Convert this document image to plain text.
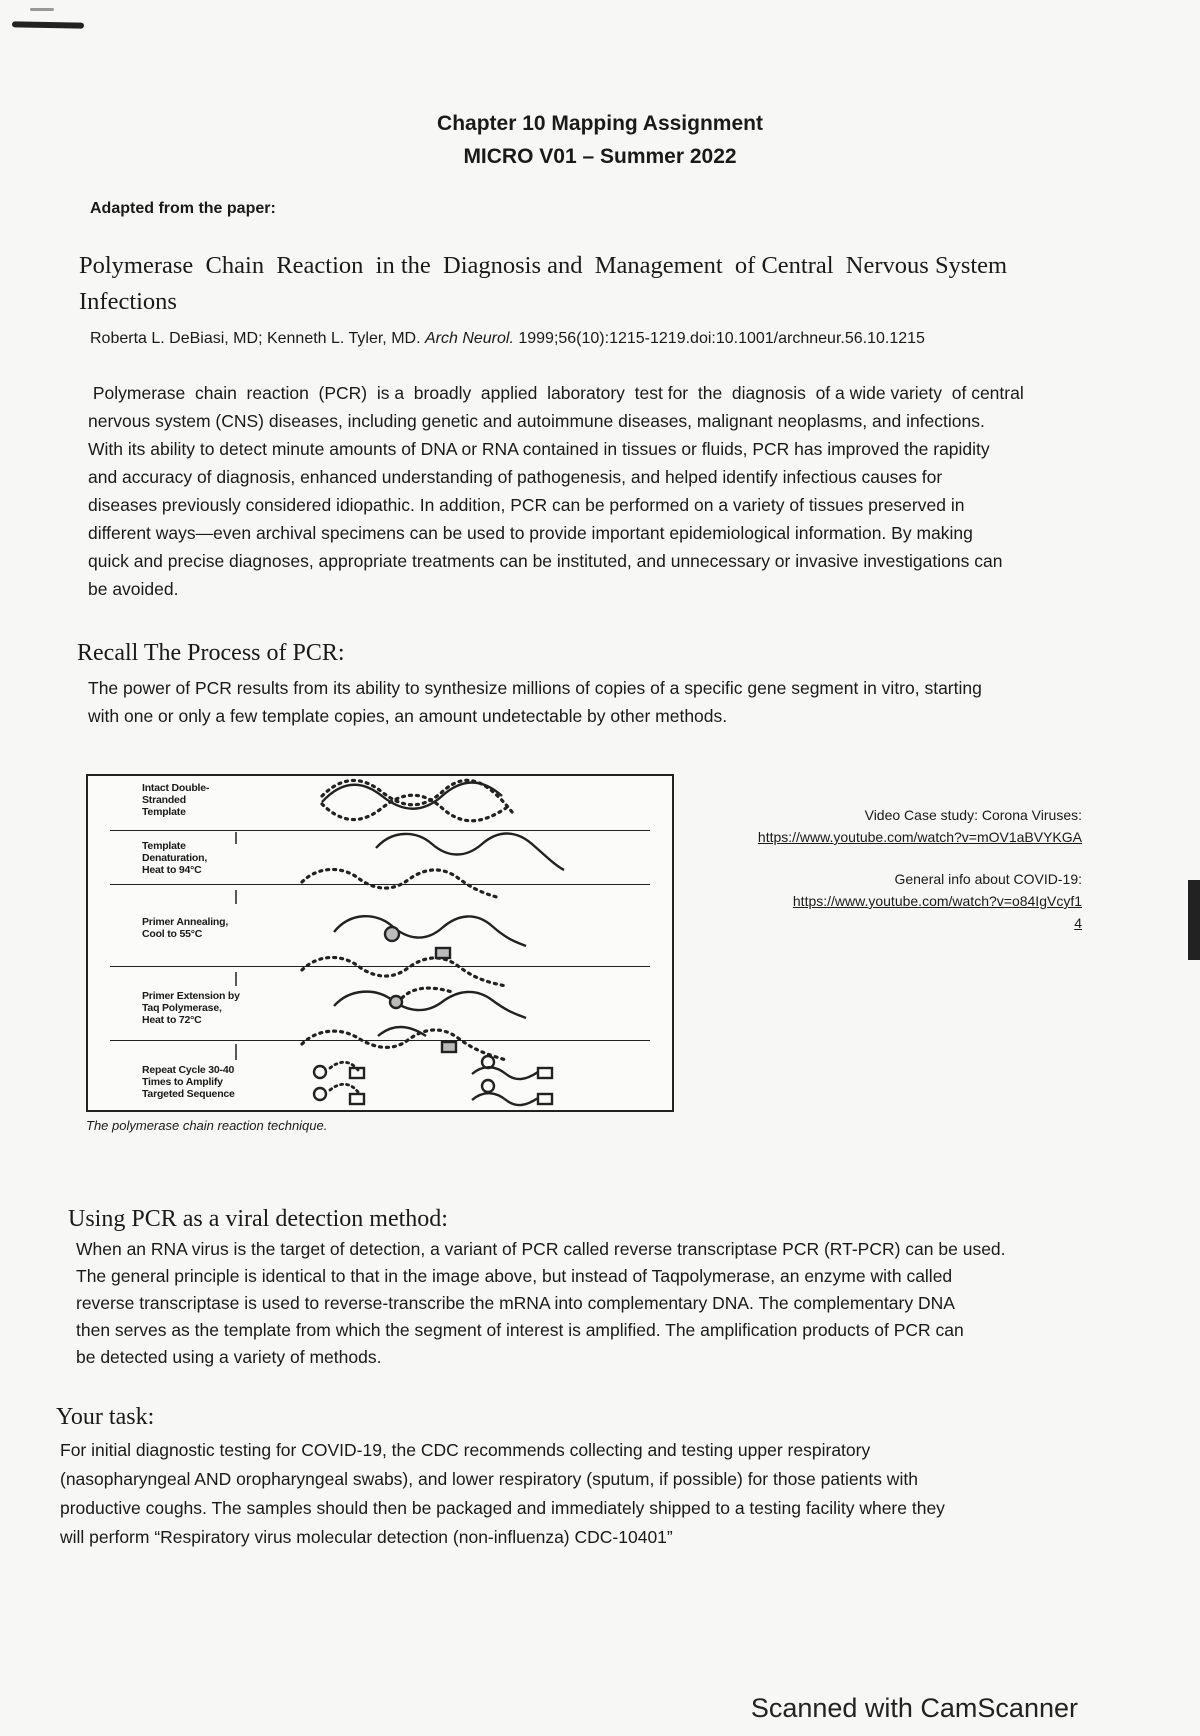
Chapter 10 Mapping Assignment
MICRO V01 – Summer 2022
Adapted from the paper:
Polymerase  Chain  Reaction  in the  Diagnosis and  Management  of Central  Nervous System
Infections
Roberta L. DeBiasi, MD; Kenneth L. Tyler, MD. Arch Neurol. 1999;56(10):1215-1219.doi:10.1001/archneur.56.10.1215

Polymerase  chain  reaction  (PCR)  is a  broadly  applied  laboratory  test for  the  diagnosis  of a wide variety  of central

nervous system (CNS) diseases, including genetic and autoimmune diseases, malignant neoplasms, and infections.

With its ability to detect minute amounts of DNA or RNA contained in tissues or fluids, PCR has improved the rapidity

and accuracy of diagnosis, enhanced understanding of pathogenesis, and helped identify infectious causes for

diseases previously considered idiopathic. In addition, PCR can be performed on a variety of tissues preserved in

different ways—even archival specimens can be used to provide important epidemiological information. By making

quick and precise diagnoses, appropriate treatments can be instituted, and unnecessary or invasive investigations can

be avoided.

Recall The Process of PCR:

The power of PCR results from its ability to synthesize millions of copies of a specific gene segment in vitro, starting

with one or only a few template copies, an amount undetectable by other methods.

Intact Double-
Stranded
Template
Template
Denaturation,
Heat to 94°C
Primer Annealing,
Cool to 55°C
Primer Extension by
Taq Polymerase,
Heat to 72°C
Repeat Cycle 30-40
Times to Amplify
Targeted Sequence
The polymerase chain reaction technique.
Video Case study: Corona Viruses:
https://www.youtube.com/watch?v=mOV1aBVYKGA
General info about COVID-19:
https://www.youtube.com/watch?v=o84IgVcyf1
4
Using PCR as a viral detection method:

When an RNA virus is the target of detection, a variant of PCR called reverse transcriptase PCR (RT-PCR) can be used.

The general principle is identical to that in the image above, but instead of Taqpolymerase, an enzyme with called

reverse transcriptase is used to reverse-transcribe the mRNA into complementary DNA. The complementary DNA

then serves as the template from which the segment of interest is amplified. The amplification products of PCR can

be detected using a variety of methods.

Your task:

For initial diagnostic testing for COVID-19, the CDC recommends collecting and testing upper respiratory

(nasopharyngeal AND oropharyngeal swabs), and lower respiratory (sputum, if possible) for those patients with

productive coughs. The samples should then be packaged and immediately shipped to a testing facility where they

will perform “Respiratory virus molecular detection (non-influenza) CDC-10401”

Scanned with CamScanner
